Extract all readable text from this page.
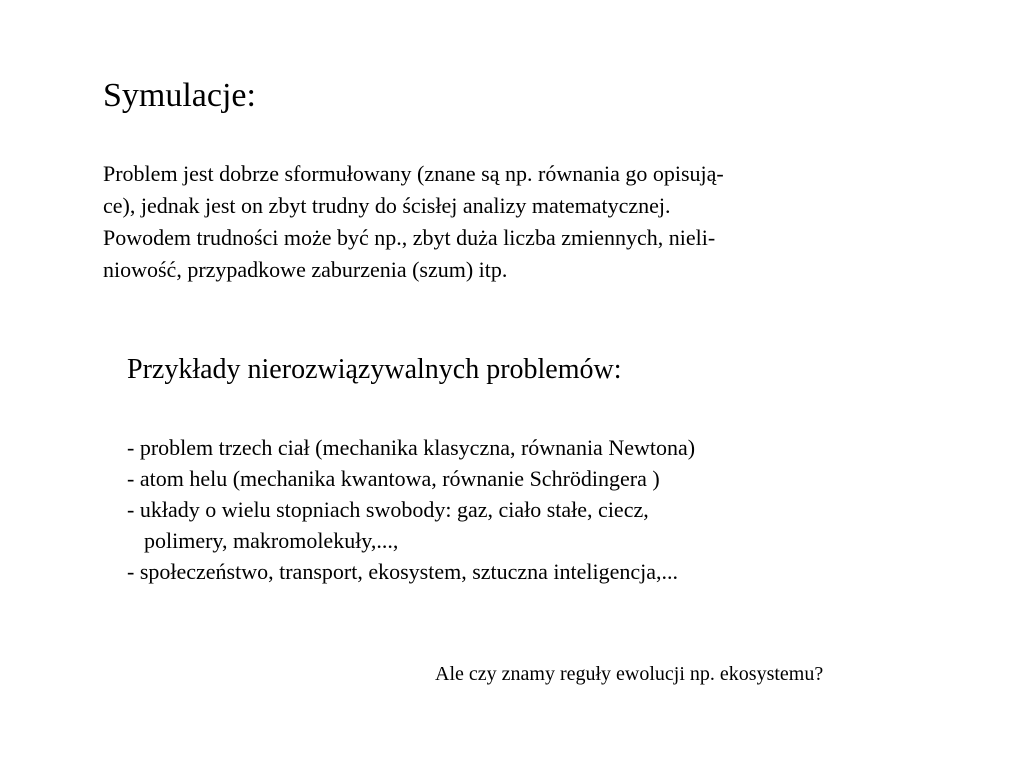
Symulacje:
Problem jest dobrze sformułowany (znane są np. równania go opisują-
ce), jednak jest on zbyt trudny do ścisłej analizy matematycznej.
Powodem trudności może być np., zbyt duża liczba zmiennych, nieli-
niowość, przypadkowe zaburzenia (szum) itp.
Przykłady nierozwiązywalnych problemów:
- problem trzech ciał (mechanika klasyczna, równania Newtona)
- atom helu (mechanika kwantowa, równanie Schrödingera )
- układy o wielu stopniach swobody: gaz, ciało stałe, ciecz,
polimery, makromolekuły,...,
- społeczeństwo, transport, ekosystem, sztuczna inteligencja,...
Ale czy znamy reguły ewolucji np. ekosystemu?
